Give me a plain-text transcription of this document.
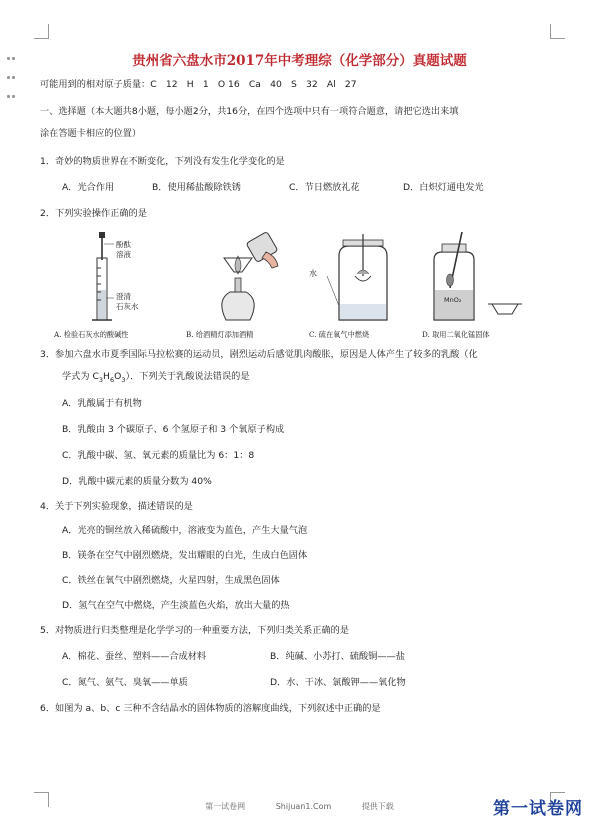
贵州省六盘水市2017年中考理综（化学部分）真题试题
可能用到的相对原子质量：C　12　H　1　O 16　Ca　40　S　32　Al　27
一、选择题（本大题共8小题，每小题2分，共16分，在四个选项中只有一项符合题意，请把它选出来填
涂在答题卡相应的位置）
1．奇妙的物质世界在不断变化，下列没有发生化学变化的是
A．光合作用	B．使用稀盐酸除铁锈	C．节日燃放礼花	D．白炽灯通电发光
2．下列实验操作正确的是
酚酞
溶液
澄清
石灰水
A. 检验石灰水的酸碱性	B. 给酒精灯添加酒精
水
C. 硫在氧气中燃烧
MnO₂
D. 取用二氧化锰固体
3．参加六盘水市夏季国际马拉松赛的运动员，剧烈运动后感觉肌肉酸胀，原因是人体产生了较多的乳酸（化
学式为 $C_3H_6O_3$）．下列关于乳酸说法错误的是
A．乳酸属于有机物
B．乳酸由 3 个碳原子、6 个氢原子和 3 个氧原子构成
C．乳酸中碳、氢、氧元素的质量比为 6：1：8
D．乳酸中碳元素的质量分数为 40%
4．关于下列实验现象，描述错误的是
A．光亮的铜丝放入稀硫酸中，溶液变为蓝色，产生大量气泡
B．镁条在空气中剧烈燃烧，发出耀眼的白光，生成白色固体
C．铁丝在氧气中剧烈燃烧，火星四射，生成黑色固体
D．氢气在空气中燃烧，产生淡蓝色火焰，放出大量的热
5．对物质进行归类整理是化学学习的一种重要方法，下列归类关系正确的是
A．棉花、蚕丝、塑料——合成材料	B．纯碱、小苏打、硫酸铜——盐
C．氮气、氨气、臭氧——单质	D．水、干冰、氯酸钾——氧化物
6．如图为 a、b、c 三种不含结晶水的固体物质的溶解度曲线，下列叙述中正确的是
第一试卷网	Shijuan1.Com	提供下载	第一试卷网
